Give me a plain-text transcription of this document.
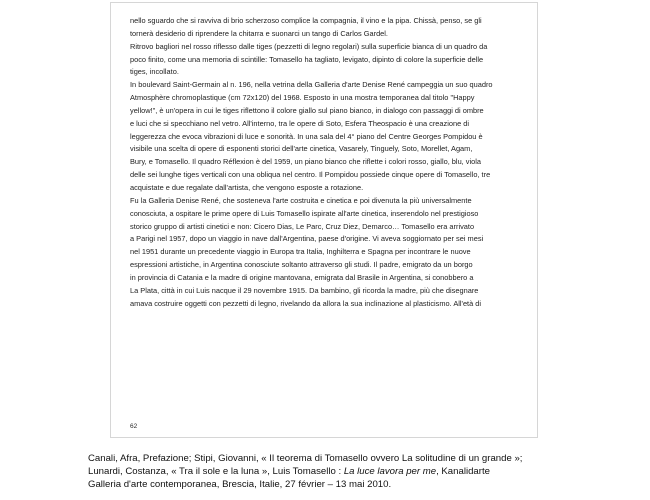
nello sguardo che si ravviva di brio scherzoso complice la compagnia, il vino e la pipa. Chissà, penso, se gli
tornerà desiderio di riprendere la chitarra e suonarci un tango di Carlos Gardel.
Ritrovo bagliori nel rosso riflesso dalle tiges (pezzetti di legno regolari) sulla superficie bianca di un quadro da
poco finito, come una memoria di scintille: Tomasello ha tagliato, levigato, dipinto di colore la superficie delle
tiges, incollato.
In boulevard Saint-Germain al n. 196, nella vetrina della Galleria d'arte Denise René campeggia un suo quadro
Atmosphère chromoplastique (cm 72x120) del 1968. Esposto in una mostra temporanea dal titolo "Happy
yellow!", è un'opera in cui le tiges riflettono il colore giallo sul piano bianco, in dialogo con passaggi di ombre
e luci che si specchiano nel vetro. All'interno, tra le opere di Soto, Esfera Theospacio è una creazione di
leggerezza che evoca vibrazioni di luce e sonorità. In una sala del 4° piano del Centre Georges Pompidou è
visibile una scelta di opere di esponenti storici dell'arte cinetica, Vasarely, Tinguely, Soto, Morellet, Agam,
Bury, e Tomasello. Il quadro Réflexion è del 1959, un piano bianco che riflette i colori rosso, giallo, blu, viola
delle sei lunghe tiges verticali con una obliqua nel centro. Il Pompidou possiede cinque opere di Tomasello, tre
acquistate e due regalate dall'artista, che vengono esposte a rotazione.
Fu la Galleria Denise René, che sosteneva l'arte costruita e cinetica e poi divenuta la più universalmente
conosciuta, a ospitare le prime opere di Luis Tomasello ispirate all'arte cinetica, inserendolo nel prestigioso
storico gruppo di artisti cinetici e non: Cicero Dias, Le Parc, Cruz Diez, Demarco… Tomasello era arrivato
a Parigi nel 1957, dopo un viaggio in nave dall'Argentina, paese d'origine. Vi aveva soggiornato per sei mesi
nel 1951 durante un precedente viaggio in Europa tra Italia, Inghilterra e Spagna per incontrare le nuove
espressioni artistiche, in Argentina conosciute soltanto attraverso gli studi. Il padre, emigrato da un borgo
in provincia di Catania e la madre di origine mantovana, emigrata dal Brasile in Argentina, si conobbero a
La Plata, città in cui Luis nacque il 29 novembre 1915. Da bambino, gli ricorda la madre, più che disegnare
amava costruire oggetti con pezzetti di legno, rivelando da allora la sua inclinazione al plasticismo. All'età di
62
Canali, Afra, Prefazione; Stipi, Giovanni, « Il teorema di Tomasello ovvero La solitudine di un grande »;
Lunardi, Costanza, « Tra il sole e la luna », Luis Tomasello : La luce lavora per me, Kanalidarte
Galleria d'arte contemporanea, Brescia, Italie, 27 février – 13 mai 2010.
